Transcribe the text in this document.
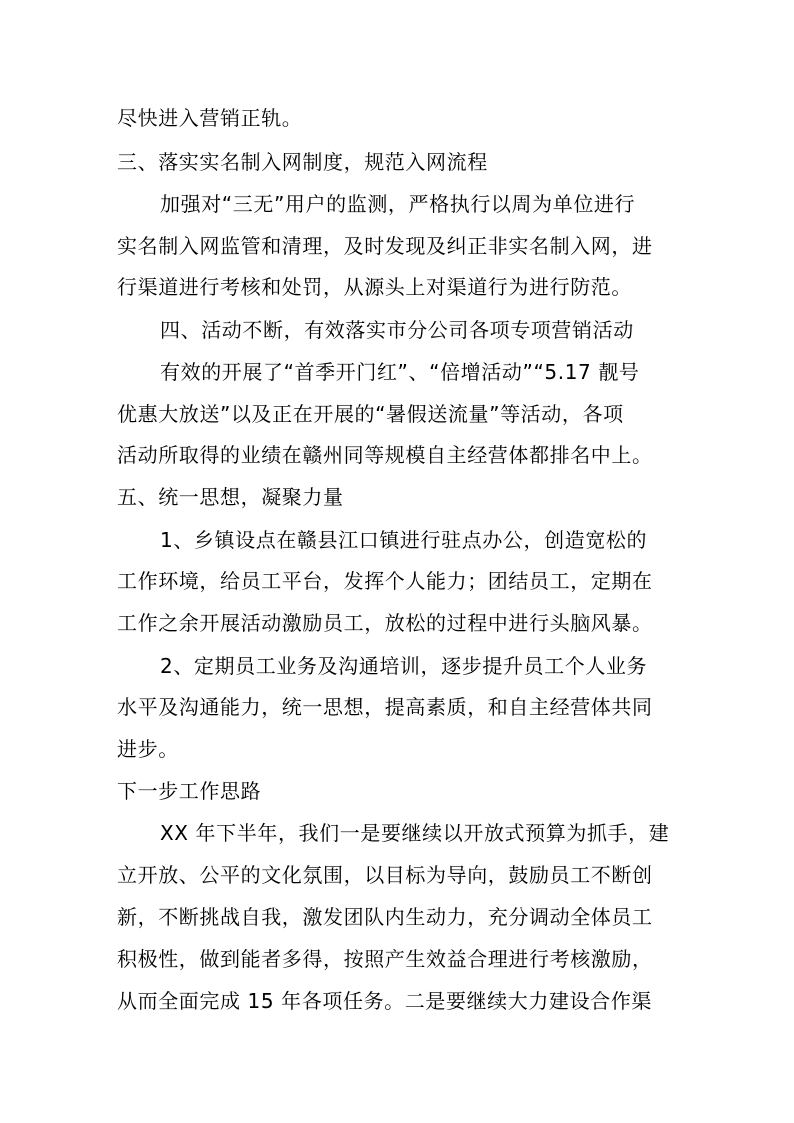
尽快进入营销正轨。
三、落实实名制入网制度，规范入网流程
加强对“三无”用户的监测，严格执行以周为单位进行
实名制入网监管和清理，及时发现及纠正非实名制入网，进
行渠道进行考核和处罚，从源头上对渠道行为进行防范。
四、活动不断，有效落实市分公司各项专项营销活动
有效的开展了“首季开门红”、“倍增活动”“5.17 靓号
优惠大放送”以及正在开展的“暑假送流量”等活动，各项
活动所取得的业绩在赣州同等规模自主经营体都排名中上。
五、统一思想，凝聚力量
1、乡镇设点在赣县江口镇进行驻点办公，创造宽松的
工作环境，给员工平台，发挥个人能力；团结员工，定期在
工作之余开展活动激励员工，放松的过程中进行头脑风暴。
2、定期员工业务及沟通培训，逐步提升员工个人业务
水平及沟通能力，统一思想，提高素质，和自主经营体共同
进步。
下一步工作思路
XX 年下半年，我们一是要继续以开放式预算为抓手，建
立开放、公平的文化氛围，以目标为导向，鼓励员工不断创
新，不断挑战自我，激发团队内生动力，充分调动全体员工
积极性，做到能者多得，按照产生效益合理进行考核激励，
从而全面完成 15 年各项任务。二是要继续大力建设合作渠
